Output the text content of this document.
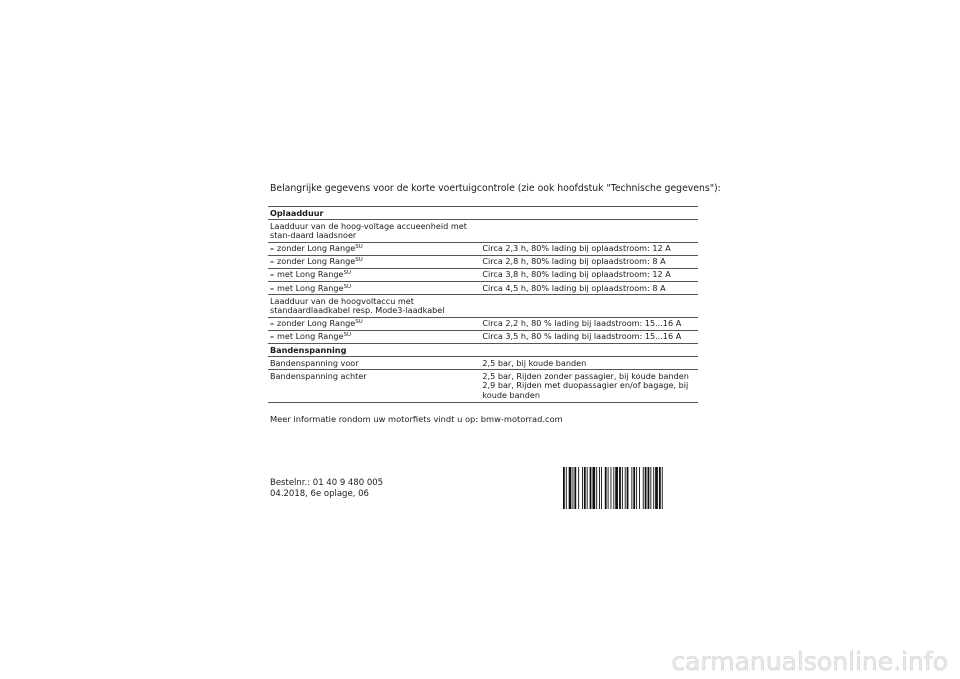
Belangrijke gegevens voor de korte voertuigcontrole (zie ook hoofdstuk "Technische gegevens"):
Oplaadduur	
Laadduur van de hoog-voltage accueenheid met stan-daard laadsnoer	

– zonder Long Range$^{SU}$	Circa 2,3 h, 80% lading bij oplaadstroom: 12 A

– zonder Long Range$^{SU}$	Circa 2,8 h, 80% lading bij oplaadstroom: 8 A

– met Long Range$^{SU}$	Circa 3,8 h, 80% lading bij oplaadstroom: 12 A

– met Long Range$^{SU}$	Circa 4,5 h, 80% lading bij oplaadstroom: 8 A

Laadduur van de hoogvoltaccu met standaardlaadkabel resp. Mode3-laadkabel	

– zonder Long Range$^{SU}$	Circa 2,2 h, 80 % lading bij laadstroom: 15...16 A

– met Long Range$^{SU}$	Circa 3,5 h, 80 % lading bij laadstroom: 15...16 A

Bandenspanning	
Bandenspanning voor	2,5 bar, bij koude banden

Bandenspanning achter	2,5 bar, Rijden zonder passagier, bij koude banden
2,9 bar, Rijden met duopassagier en/of bagage, bij koude banden
Meer informatie rondom uw motorfiets vindt u op: bmw-motorrad.com
Bestelnr.: 01 40 9 480 005
04.2018, 6e oplage, 06
carmanualsonline.info
